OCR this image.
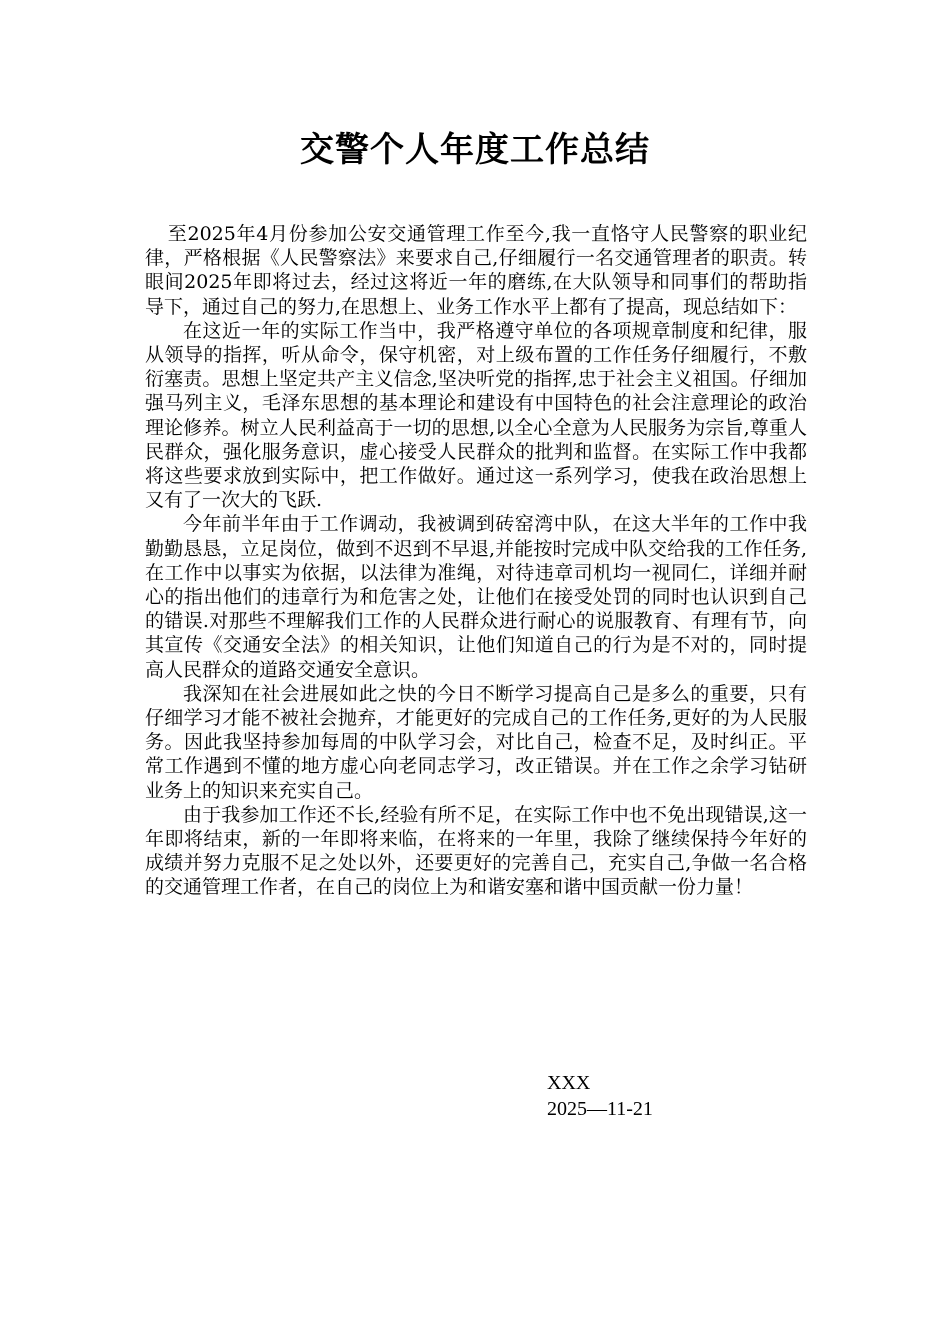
交警个人年度工作总结

至2025年4月份参加公安交通管理工作至今,我一直恪守人民警察的职业纪律，严格根据《人民警察法》来要求自己,仔细履行一名交通管理者的职责。转眼间2025年即将过去，经过这将近一年的磨练,在大队领导和同事们的帮助指导下，通过自己的努力,在思想上、业务工作水平上都有了提高，现总结如下：

在这近一年的实际工作当中，我严格遵守单位的各项规章制度和纪律，服从领导的指挥，听从命令，保守机密，对上级布置的工作任务仔细履行，不敷衍塞责。思想上坚定共产主义信念,坚决听党的指挥,忠于社会主义祖国。仔细加强马列主义，毛泽东思想的基本理论和建设有中国特色的社会注意理论的政治理论修养。树立人民利益高于一切的思想,以全心全意为人民服务为宗旨,尊重人民群众，强化服务意识，虚心接受人民群众的批判和监督。在实际工作中我都将这些要求放到实际中，把工作做好。通过这一系列学习，使我在政治思想上又有了一次大的飞跃.

今年前半年由于工作调动，我被调到砖窑湾中队，在这大半年的工作中我勤勤恳恳，立足岗位，做到不迟到不早退,并能按时完成中队交给我的工作任务,在工作中以事实为依据，以法律为准绳，对待违章司机均一视同仁，详细并耐心的指出他们的违章行为和危害之处，让他们在接受处罚的同时也认识到自己的错误.对那些不理解我们工作的人民群众进行耐心的说服教育、有理有节，向其宣传《交通安全法》的相关知识，让他们知道自己的行为是不对的，同时提高人民群众的道路交通安全意识。

我深知在社会进展如此之快的今日不断学习提高自己是多么的重要，只有仔细学习才能不被社会抛弃，才能更好的完成自己的工作任务,更好的为人民服务。因此我坚持参加每周的中队学习会，对比自己，检查不足，及时纠正。平常工作遇到不懂的地方虚心向老同志学习，改正错误。并在工作之余学习钻研业务上的知识来充实自己。

由于我参加工作还不长,经验有所不足，在实际工作中也不免出现错误,这一年即将结束，新的一年即将来临，在将来的一年里，我除了继续保持今年好的成绩并努力克服不足之处以外，还要更好的完善自己，充实自己,争做一名合格的交通管理工作者，在自己的岗位上为和谐安塞和谐中国贡献一份力量！

XXX
2025—11-21
